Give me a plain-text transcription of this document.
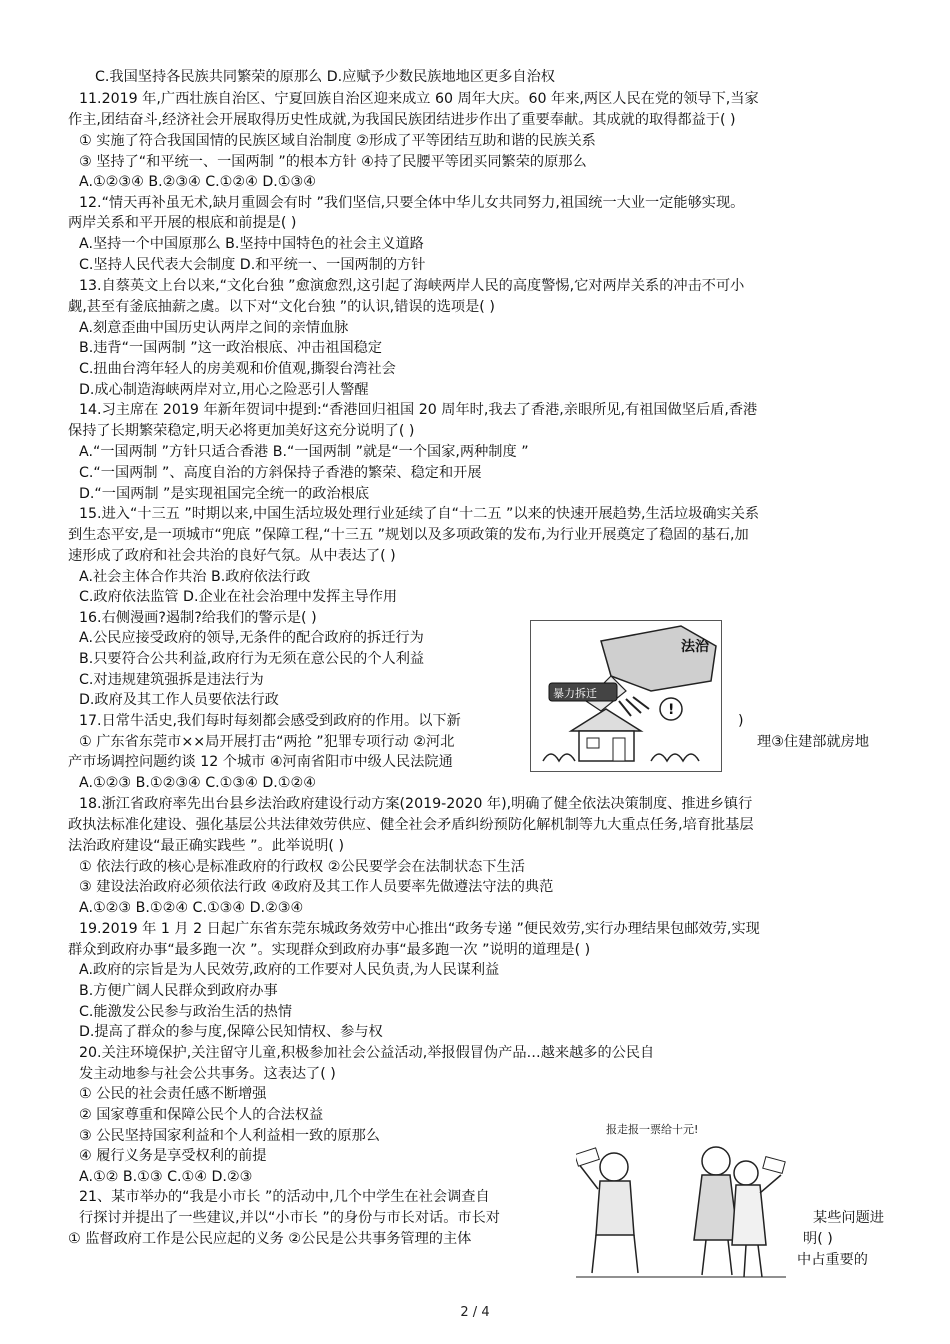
C.我国坚持各民族共同繁荣的原那么 D.应赋予少数民族地地区更多自治权
11.2019 年,广西壮族自治区、宁夏回族自治区迎来成立 60 周年大庆。60 年来,两区人民在党的领导下,当家
作主,团结奋斗,经济社会开展取得历史性成就,为我国民族团结进步作出了重要奉献。其成就的取得都益于( )
① 实施了符合我国国情的民族区域自治制度 ②形成了平等团结互助和谐的民族关系
③ 坚持了“和平统一、一国两制 ”的根本方针 ④持了民腰平等团买同繁荣的原那么
A.①②③④ B.②③④ C.①②④ D.①③④
12.“情天再补虽无术,缺月重圆会有时 ”我们坚信,只要全体中华儿女共同努力,祖国统一大业一定能够实现。
两岸关系和平开展的根底和前提是( )
A.坚持一个中国原那么 B.坚持中国特色的社会主义道路
C.坚持人民代表大会制度 D.和平统一、一国两制的方针
13.自蔡英文上台以来,“文化台独 ”愈演愈烈,这引起了海峡两岸人民的高度警惕,它对两岸关系的冲击不可小
觑,甚至有釜底抽薪之虞。以下对“文化台独 ”的认识,错误的选项是( )
A.刻意歪曲中国历史认两岸之间的亲情血脉
B.违背“一国两制 ”这一政治根底、冲击祖国稳定
C.扭曲台湾年轻人的房美观和价值观,撕裂台湾社会
D.成心制造海峡两岸对立,用心之险恶引人警醒
14.习主席在 2019 年新年贺词中提到:“香港回归祖国 20 周年时,我去了香港,亲眼所见,有祖国做坚后盾,香港
保持了长期繁荣稳定,明天必将更加美好这充分说明了( )
A.“一国两制 ”方针只适合香港 B.“一国两制 ”就是“一个国家,两种制度 ”
C.“一国两制 ”、高度自治的方斜保持子香港的繁荣、稳定和开展
D.“一国两制 ”是实现祖国完全统一的政治根底
15.进入“十三五 ”时期以来,中国生活垃圾处理行业延续了自“十二五 ”以来的快速开展趋势,生活垃圾确实关系
到生态平安,是一项城市“兜底 ”保障工程,“十三五 ”规划以及多项政策的发布,为行业开展奠定了稳固的基石,加
速形成了政府和社会共治的良好气氛。从中表达了( )
A.社会主体合作共治 B.政府依法行政
C.政府依法监管 D.企业在社会治理中发挥主导作用
16.右侧漫画?遏制?给我们的警示是( )
A.公民应接受政府的领导,无条件的配合政府的拆迁行为
B.只要符合公共利益,政府行为无须在意公民的个人利益
C.对违规建筑强拆是违法行为
D.政府及其工作人员要依法行政
17.日常牛活史,我们每时每刻都会感受到政府的作用。以下新
① 广东省东莞市××局开展打击“两抢 ”犯罪专项行动 ②河北
产市场调控问题约谈 12 个城市 ④河南省阳市中级人民法院通
A.①②③ B.①②③④ C.①③④ D.①②④
18.浙江省政府率先出台县乡法治政府建设行动方案(2019-2020 年),明确了健全依法决策制度、推进乡镇行
政执法标准化建设、强化基层公共法律效劳供应、健全社会矛盾纠纷预防化解机制等九大重点任务,培育批基层
法治政府建设“最正确实践些 ”。此举说明( )
① 依法行政的核心是标准政府的行政权 ②公民要学会在法制状态下生活
③ 建设法治政府必须依法行政 ④政府及其工作人员要率先做遵法守法的典范
A.①②③ B.①②④ C.①③④ D.②③④
19.2019 年 1 月 2 日起广东省东莞东城政务效劳中心推出“政务专递 ”便民效劳,实行办理结果包邮效劳,实现
群众到政府办事“最多跑一次 ”。实现群众到政府办事“最多跑一次 ”说明的道理是( )
A.政府的宗旨是为人民效劳,政府的工作要对人民负责,为人民谋利益
B.方便广阔人民群众到政府办事
C.能激发公民参与政治生活的热情
D.提高了群众的参与度,保障公民知情权、参与权
20.关注环境保护,关注留守儿童,积极参加社会公益活动,举报假冒伪产品…越来越多的公民自
发主动地参与社会公共事务。这表达了( )
① 公民的社会责任感不断增强
② 国家尊重和保障公民个人的合法权益
③ 公民坚持国家利益和个人利益相一致的原那么
④ 履行义务是享受权利的前提
A.①② B.①③ C.①④ D.②③
21、某市举办的“我是小市长 ”的活动中,几个中学生在社会调查自
行探讨并提出了一些建议,并以“小市长 ”的身份与市长对话。市长对
① 监督政府工作是公民应起的义务 ②公民是公共事务管理的主体
)
理③住建部就房地
某些问题进
明( )
中占重要的
法治
暴力拆迁
!
报走报一票给十元!
2 / 4
